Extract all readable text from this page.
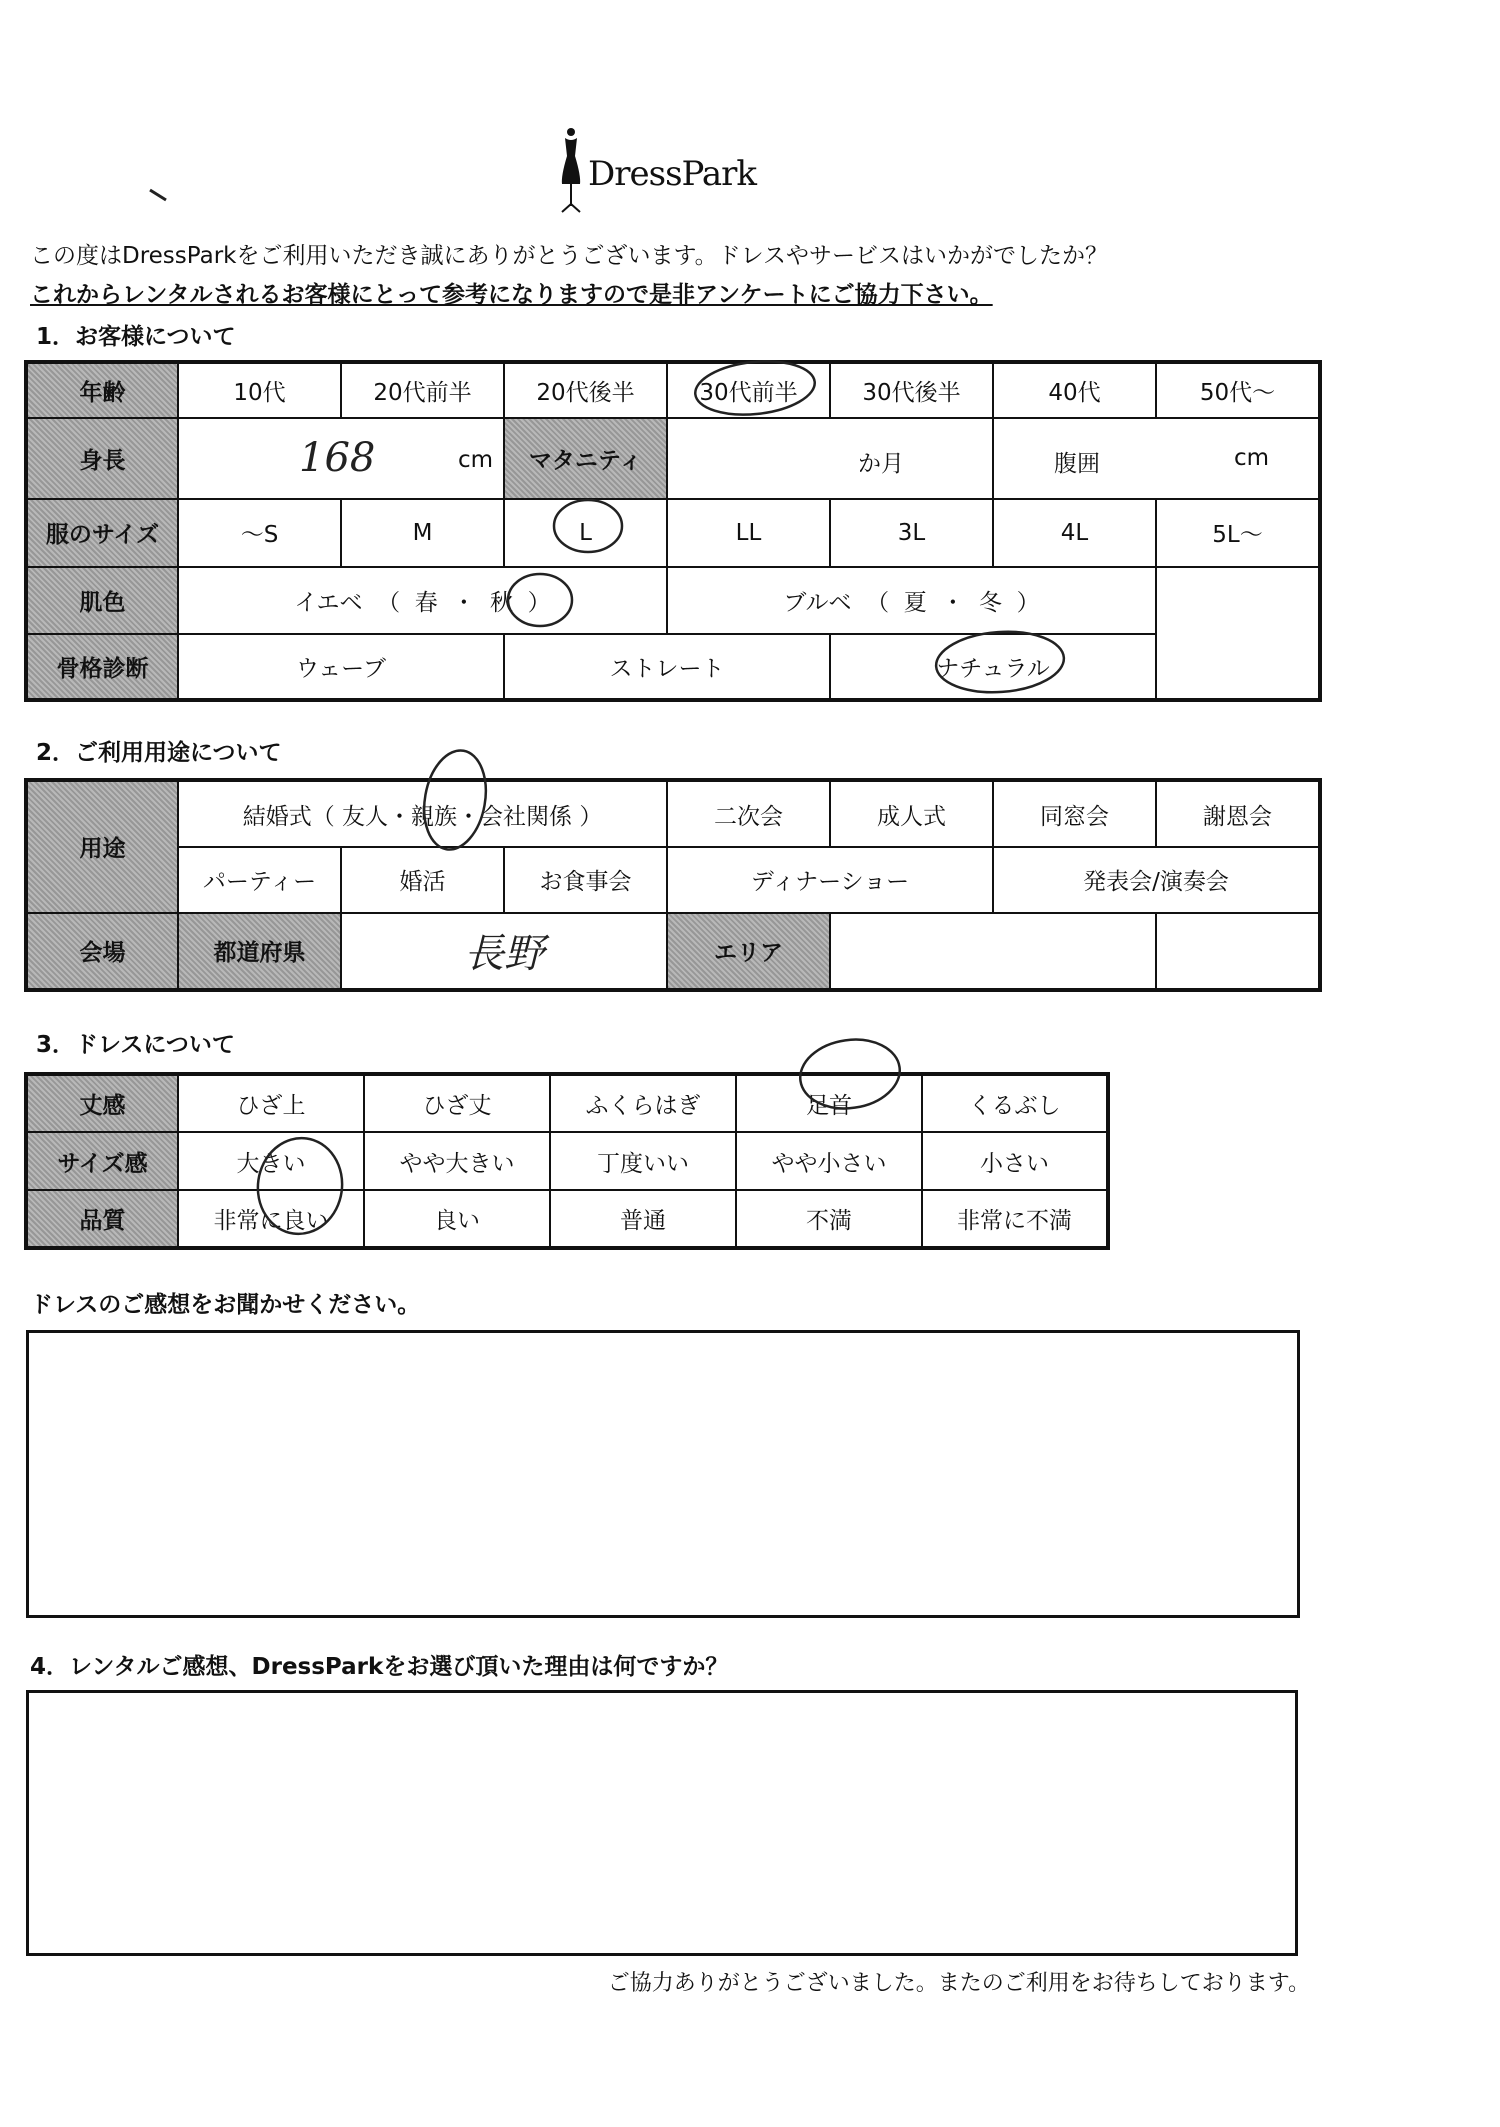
DressPark
この度はDressParkをご利用いただき誠にありがとうございます。ドレスやサービスはいかがでしたか？
これからレンタルされるお客様にとって参考になりますので是非アンケートにご協力下さい。
1．お客様について
年齢	10代	20代前半	20代後半	30代前半	30代後半	40代	50代～
身長	168 cm		マタニティ	か月		腹囲 cm	

服のサイズ	～S	M	L	LL	3L	4L	5L～
肌色	イエベ （ 春 ・ 秋 ）			ブルベ （ 夏 ・ 冬 ）			
骨格診断	ウェーブ		ストレート		ナチュラル		
2．ご利用用途について
用途	結婚式（ 友人・親族・会社関係 ）			二次会	成人式	同窓会	謝恩会
	パーティー	婚活	お食事会	ディナーショー		発表会/演奏会	
会場	都道府県	長野		エリア			
3．ドレスについて
丈感	ひざ上	ひざ丈	ふくらはぎ	足首	くるぶし
サイズ感	大きい	やや大きい	丁度いい	やや小さい	小さい
品質	非常に良い	良い	普通	不満	非常に不満
ドレスのご感想をお聞かせください。
4．レンタルご感想、DressParkをお選び頂いた理由は何ですか？
ご協力ありがとうございました。またのご利用をお待ちしております。
